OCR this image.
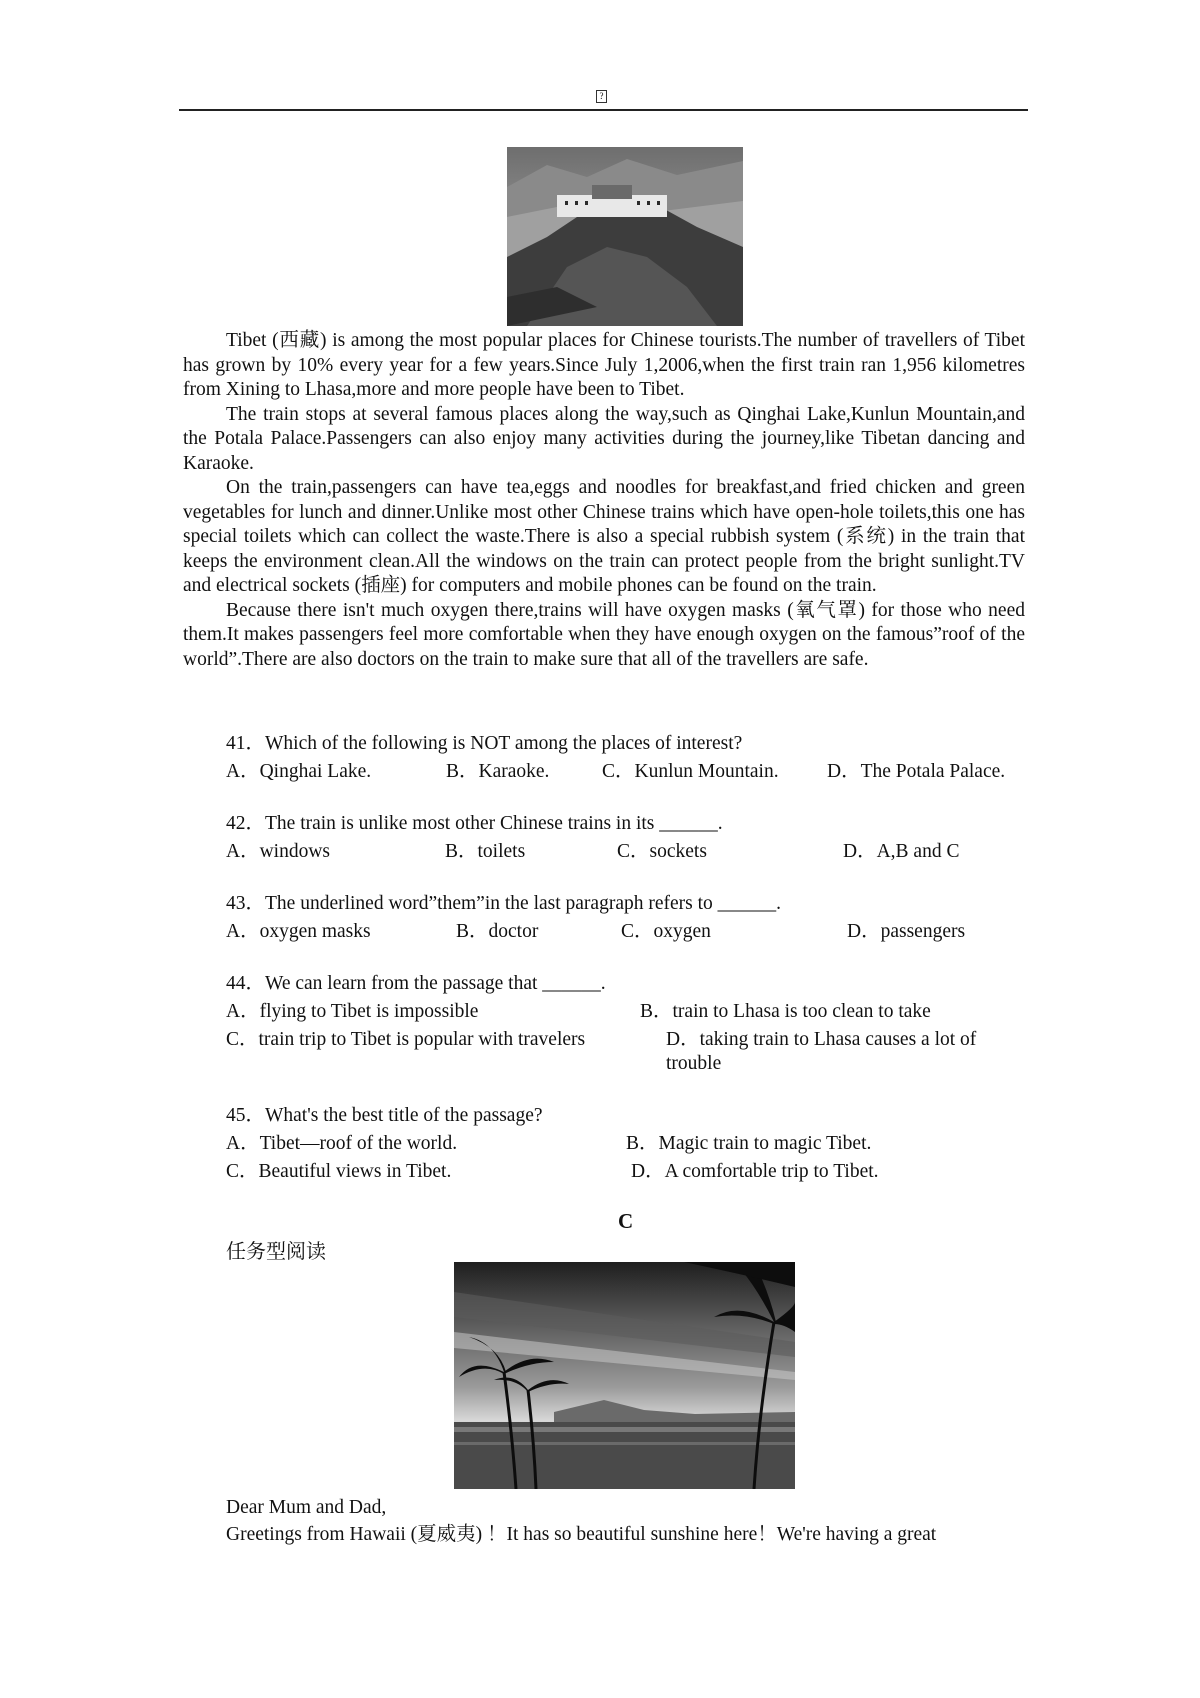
?

Tibet (西藏) is among the most popular places for Chinese tourists.The number of travellers of Tibet has grown by 10% every year for a few years.Since July 1,2006,when the first train ran 1,956 kilometres from Xining to Lhasa,more and more people have been to Tibet.

The train stops at several famous places along the way,such as Qinghai Lake,Kunlun Mountain,and the Potala Palace.Passengers can also enjoy many activities during the journey,like Tibetan dancing and Karaoke.

On the train,passengers can have tea,eggs and noodles for breakfast,and fried chicken and green vegetables for lunch and dinner.Unlike most other Chinese trains which have open-hole toilets,this one has special toilets which can collect the waste.There is also a special rubbish system (系统) in the train that keeps the environment clean.All the windows on the train can protect people from the bright sunlight.TV and electrical sockets (插座) for computers and mobile phones can be found on the train.

Because there isn't much oxygen there,trains will have oxygen masks (氧气罩) for those who need them.It makes passengers feel more comfortable when they have enough oxygen on the famous”roof of the world”.There are also doctors on the train to make sure that all of the travellers are safe.

41．Which of the following is NOT among the places of interest?
A．Qinghai Lake.	B．Karaoke.	C．Kunlun Mountain. D．The Potala Palace.
42．The train is unlike most other Chinese trains in its ______.
A．windows	B．toilets	C．sockets	D．A,B and C
43．The underlined word”them”in the last paragraph refers to ______.
A．oxygen masks	B．doctor	C．oxygen	D．passengers
44．We can learn from the passage that ______.
A．flying to Tibet is impossible	B．train to Lhasa is too clean to take
C．train trip to Tibet is popular with travelers	D．taking train to Lhasa causes a lot of trouble
45．What's the best title of the passage?
A．Tibet—roof of the world.	B．Magic train to magic Tibet.
C．Beautiful views in Tibet.	D．A comfortable trip to Tibet.
C
任务型阅读
Dear Mum and Dad,
Greetings from Hawaii (夏威夷) ！It has so beautiful sunshine here！We're having a great
